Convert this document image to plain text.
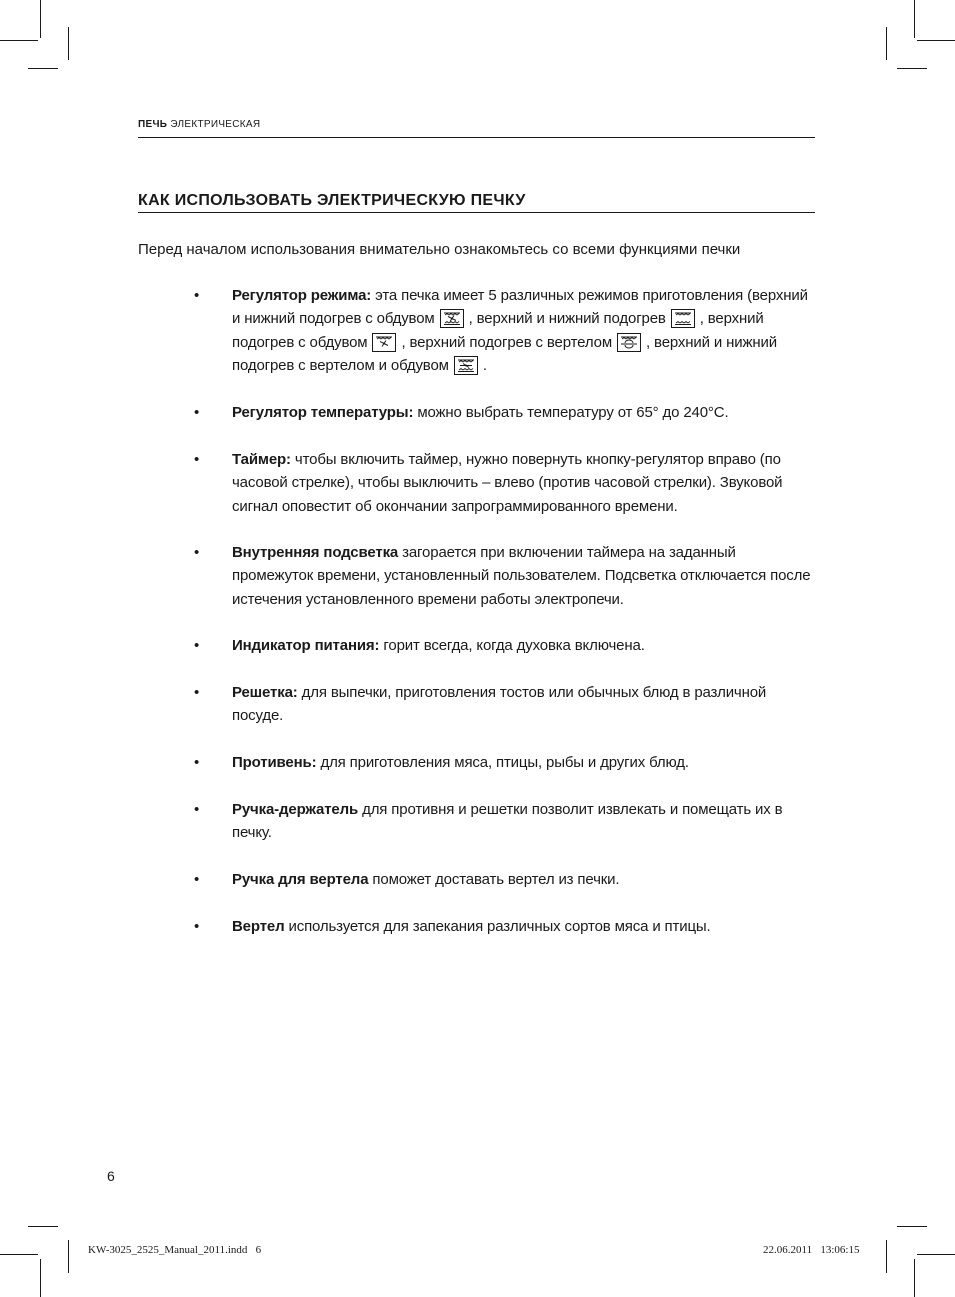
ПЕЧЬ ЭЛЕКТРИЧЕСКАЯ
КАК ИСПОЛЬЗОВАТЬ ЭЛЕКТРИЧЕСКУЮ ПЕЧКУ
Перед началом использования внимательно ознакомьтесь со всеми функциями печки
• Регулятор режима: эта печка имеет 5 различных режимов приготовления (верхний и нижний подогрев с обдувом
, верхний и нижний подогрев
, верхний подогрев с обдувом
, верхний подогрев с вертелом
, верхний и нижний подогрев с вертелом и обдувом
.
• Регулятор температуры: можно выбрать температуру от 65° до 240°С.
• Таймер: чтобы включить таймер, нужно повернуть кнопку-регулятор вправо (по часовой стрелке), чтобы выключить – влево (против часовой стрелки). Звуковой сигнал оповестит об окончании запрограммированного времени.
• Внутренняя подсветка загорается при включении таймера на заданный промежуток времени, установленный пользователем. Подсветка отключается после истечения установленного времени работы электропечи.
• Индикатор питания: горит всегда, когда духовка включена.
• Решетка: для выпечки, приготовления тостов или обычных блюд в различной посуде.
• Противень: для приготовления мяса, птицы, рыбы и других блюд.
• Ручка-держатель для противня и решетки позволит извлекать и помещать их в печку.
• Ручка для вертела поможет доставать вертел из печки.
• Вертел используется для запекания различных сортов мяса и птицы.
6
KW-3025_2525_Manual_2011.indd   6	22.06.2011   13:06:15
